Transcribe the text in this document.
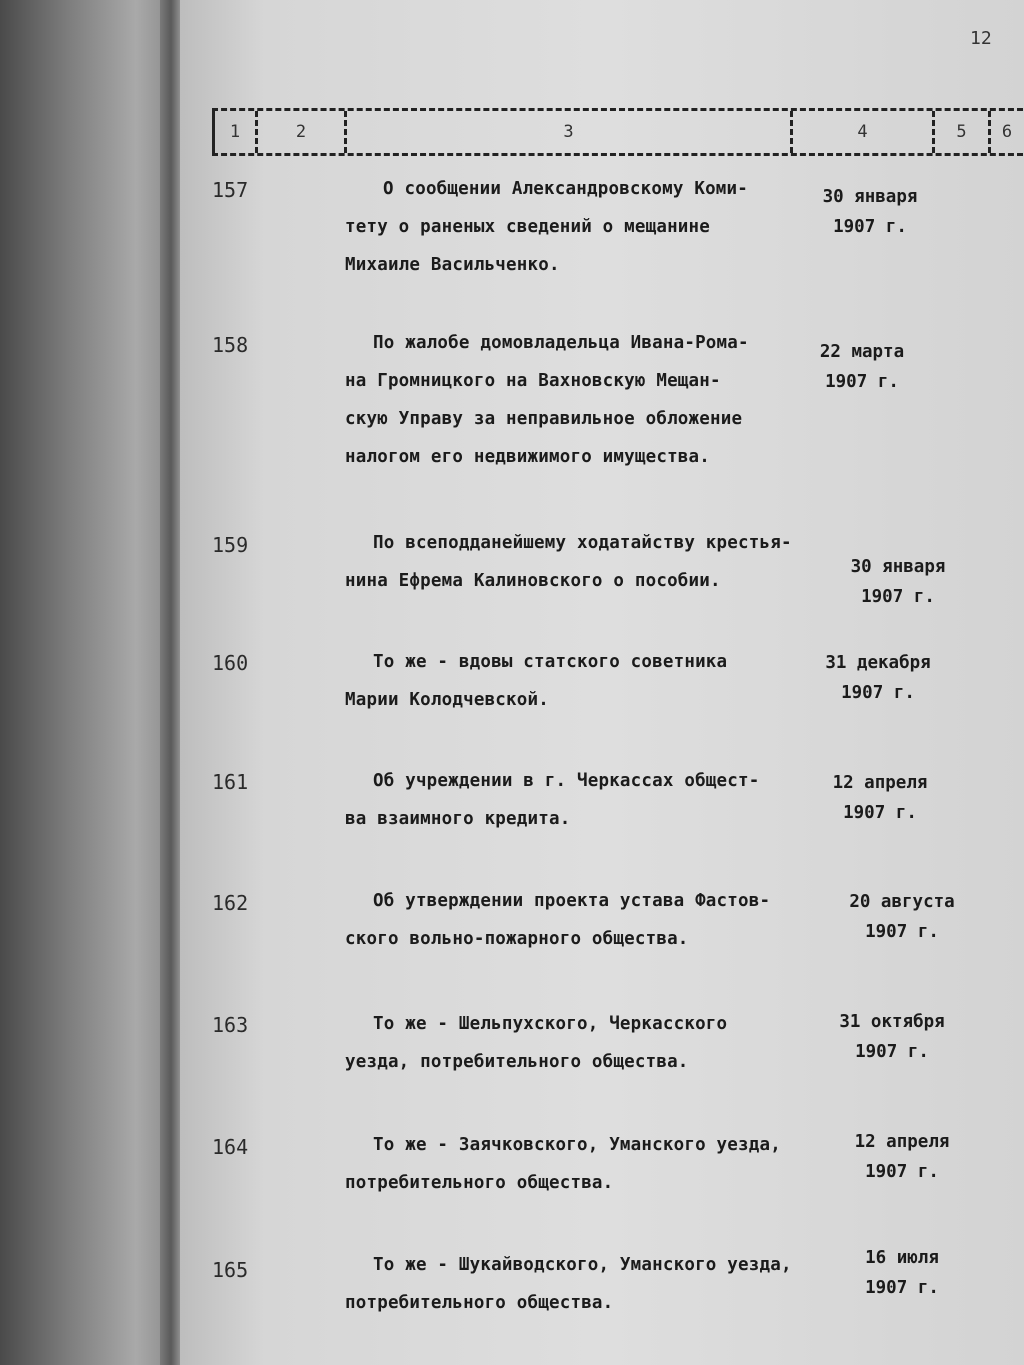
12
1	2	3	4	5	6
157	О сообщении Александровскому Коми-
тету о раненых сведений о мещанине
Михаиле Васильченко.
30 января
1907 г.
158	По жалобе домовладельца Ивана-Рома-
на Громницкого на Вахновскую Мещан-
скую Управу за неправильное обложение
налогом его недвижимого имущества.
22 марта
1907 г.
159	По всеподданейшему ходатайству крестья-
нина Ефрема Калиновского о пособии.
30 января
1907 г.
160	То же - вдовы статского советника
Марии Колодчевской.
31 декабря
1907 г.
161	Об учреждении в г. Черкассах общест-
ва взаимного кредита.
12 апреля
1907 г.
162	Об утверждении проекта устава Фастов-
ского вольно-пожарного общества.
20 августа
1907 г.
163	То же - Шельпухского, Черкасского
уезда, потребительного общества.
31 октября
1907 г.
164	То же - Заячковского, Уманского уезда,
потребительного общества.
12 апреля
1907 г.
165	То же - Шукайводского, Уманского уезда,
потребительного общества.
16 июля
1907 г.
